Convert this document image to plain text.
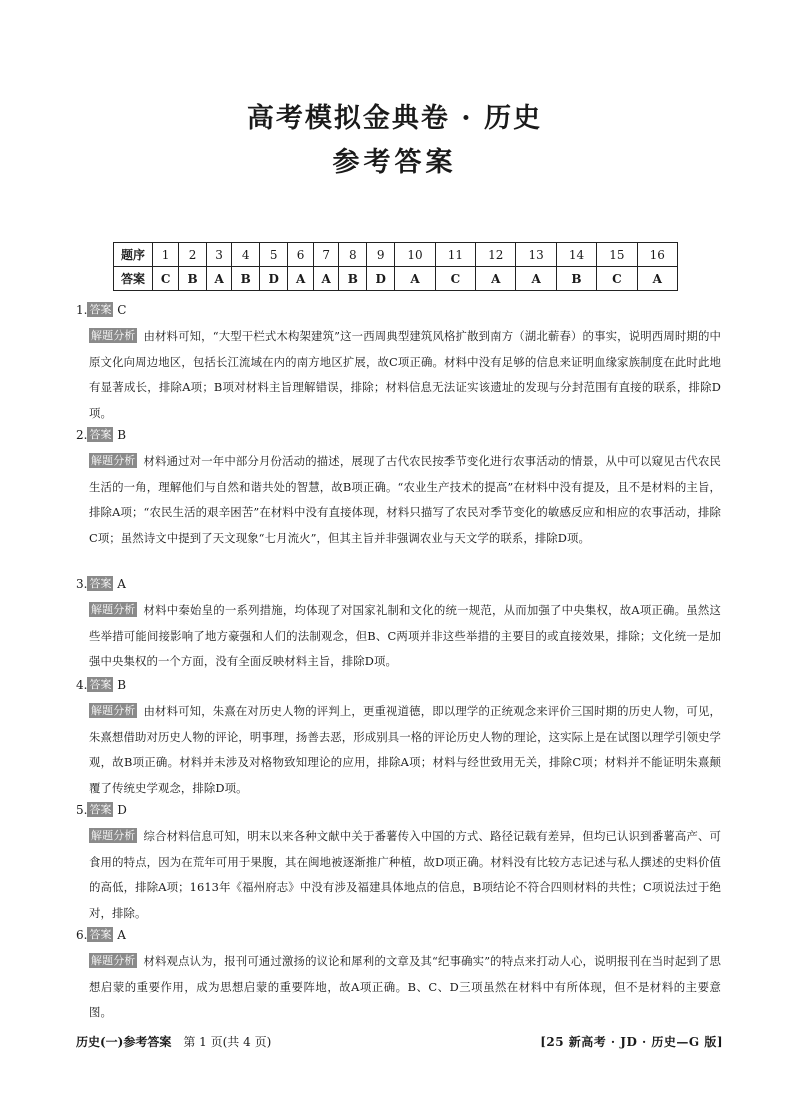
高考模拟金典卷 · 历史
参考答案
题序	1	2	3	4	5	6	7	8	9	10	11	12	13	14	15	16
答案	C	B	A	B	D	A	A	B	D	A	C	A	A	B	C	A
1. 答案 C
解题分析 由材料可知，“大型干栏式木构架建筑”这一西周典型建筑风格扩散到南方（湖北蕲春）的事实，说明西周时期的中原文化向周边地区，包括长江流域在内的南方地区扩展，故C项正确。材料中没有足够的信息来证明血缘家族制度在此时此地有显著成长，排除A项；B项对材料主旨理解错误，排除；材料信息无法证实该遗址的发现与分封范围有直接的联系，排除D项。
2. 答案 B
解题分析 材料通过对一年中部分月份活动的描述，展现了古代农民按季节变化进行农事活动的情景，从中可以窥见古代农民生活的一角，理解他们与自然和谐共处的智慧，故B项正确。“农业生产技术的提高”在材料中没有提及，且不是材料的主旨，排除A项；“农民生活的艰辛困苦”在材料中没有直接体现，材料只描写了农民对季节变化的敏感反应和相应的农事活动，排除C项；虽然诗文中提到了天文现象“七月流火”，但其主旨并非强调农业与天文学的联系，排除D项。
3. 答案 A
解题分析 材料中秦始皇的一系列措施，均体现了对国家礼制和文化的统一规范，从而加强了中央集权，故A项正确。虽然这些举措可能间接影响了地方豪强和人们的法制观念，但B、C两项并非这些举措的主要目的或直接效果，排除；文化统一是加强中央集权的一个方面，没有全面反映材料主旨，排除D项。
4. 答案 B
解题分析 由材料可知，朱熹在对历史人物的评判上，更重视道德，即以理学的正统观念来评价三国时期的历史人物，可见，朱熹想借助对历史人物的评论，明事理，扬善去恶，形成别具一格的评论历史人物的理论，这实际上是在试图以理学引领史学观，故B项正确。材料并未涉及对格物致知理论的应用，排除A项；材料与经世致用无关，排除C项；材料并不能证明朱熹颠覆了传统史学观念，排除D项。
5. 答案 D
解题分析 综合材料信息可知，明末以来各种文献中关于番薯传入中国的方式、路径记载有差异，但均已认识到番薯高产、可食用的特点，因为在荒年可用于果腹，其在闽地被逐渐推广种植，故D项正确。材料没有比较方志记述与私人撰述的史料价值的高低，排除A项；1613年《福州府志》中没有涉及福建具体地点的信息，B项结论不符合四则材料的共性；C项说法过于绝对，排除。
6. 答案 A
解题分析 材料观点认为，报刊可通过激扬的议论和犀利的文章及其“纪事确实”的特点来打动人心，说明报刊在当时起到了思想启蒙的重要作用，成为思想启蒙的重要阵地，故A项正确。B、C、D三项虽然在材料中有所体现，但不是材料的主要意图。
历史(一)参考答案 第 1 页(共 4 页)	[25 新高考 · JD · 历史—G 版]
